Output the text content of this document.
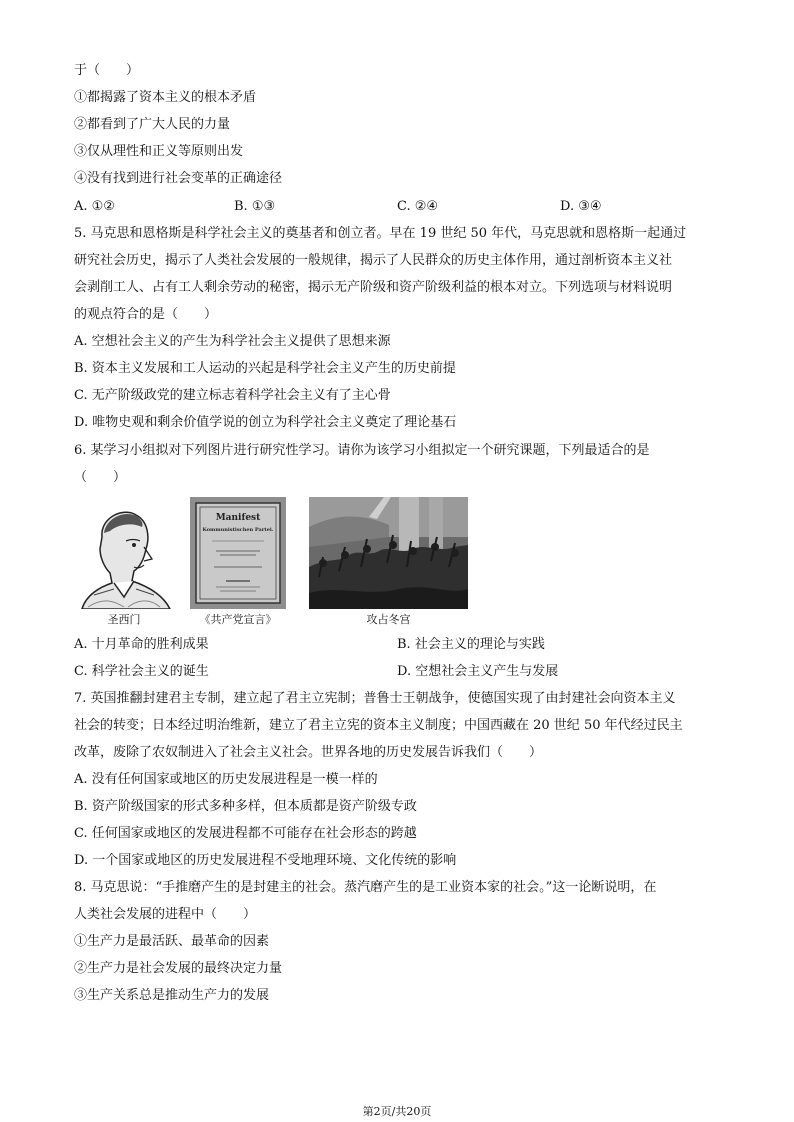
于（　　）
①都揭露了资本主义的根本矛盾
②都看到了广大人民的力量
③仅从理性和正义等原则出发
④没有找到进行社会变革的正确途径
A. ①②	B. ①③	C. ②④	D. ③④
5. 马克思和恩格斯是科学社会主义的奠基者和创立者。早在 19 世纪 50 年代，马克思就和恩格斯一起通过
研究社会历史，揭示了人类社会发展的一般规律，揭示了人民群众的历史主体作用，通过剖析资本主义社
会剥削工人、占有工人剩余劳动的秘密，揭示无产阶级和资产阶级利益的根本对立。下列选项与材料说明
的观点符合的是（　　）
A. 空想社会主义的产生为科学社会主义提供了思想来源
B. 资本主义发展和工人运动的兴起是科学社会主义产生的历史前提
C. 无产阶级政党的建立标志着科学社会主义有了主心骨
D. 唯物史观和剩余价值学说的创立为科学社会主义奠定了理论基石
6. 某学习小组拟对下列图片进行研究性学习。请你为该学习小组拟定一个研究课题，下列最适合的是
（　　）
圣西门
Manifest
Kommunistischen Partei.
《共产党宣言》	攻占冬宫
A. 十月革命的胜利成果	B. 社会主义的理论与实践
C. 科学社会主义的诞生	D. 空想社会主义产生与发展
7. 英国推翻封建君主专制，建立起了君主立宪制；普鲁士王朝战争，使德国实现了由封建社会向资本主义
社会的转变；日本经过明治维新，建立了君主立宪的资本主义制度；中国西藏在 20 世纪 50 年代经过民主
改革，废除了农奴制进入了社会主义社会。世界各地的历史发展告诉我们（　　）
A. 没有任何国家或地区的历史发展进程是一模一样的
B. 资产阶级国家的形式多种多样，但本质都是资产阶级专政
C. 任何国家或地区的发展进程都不可能存在社会形态的跨越
D. 一个国家或地区的历史发展进程不受地理环境、文化传统的影响
8. 马克思说：“手推磨产生的是封建主的社会。蒸汽磨产生的是工业资本家的社会。”这一论断说明，在
人类社会发展的进程中（　　）
①生产力是最活跃、最革命的因素
②生产力是社会发展的最终决定力量
③生产关系总是推动生产力的发展
第2页/共20页
